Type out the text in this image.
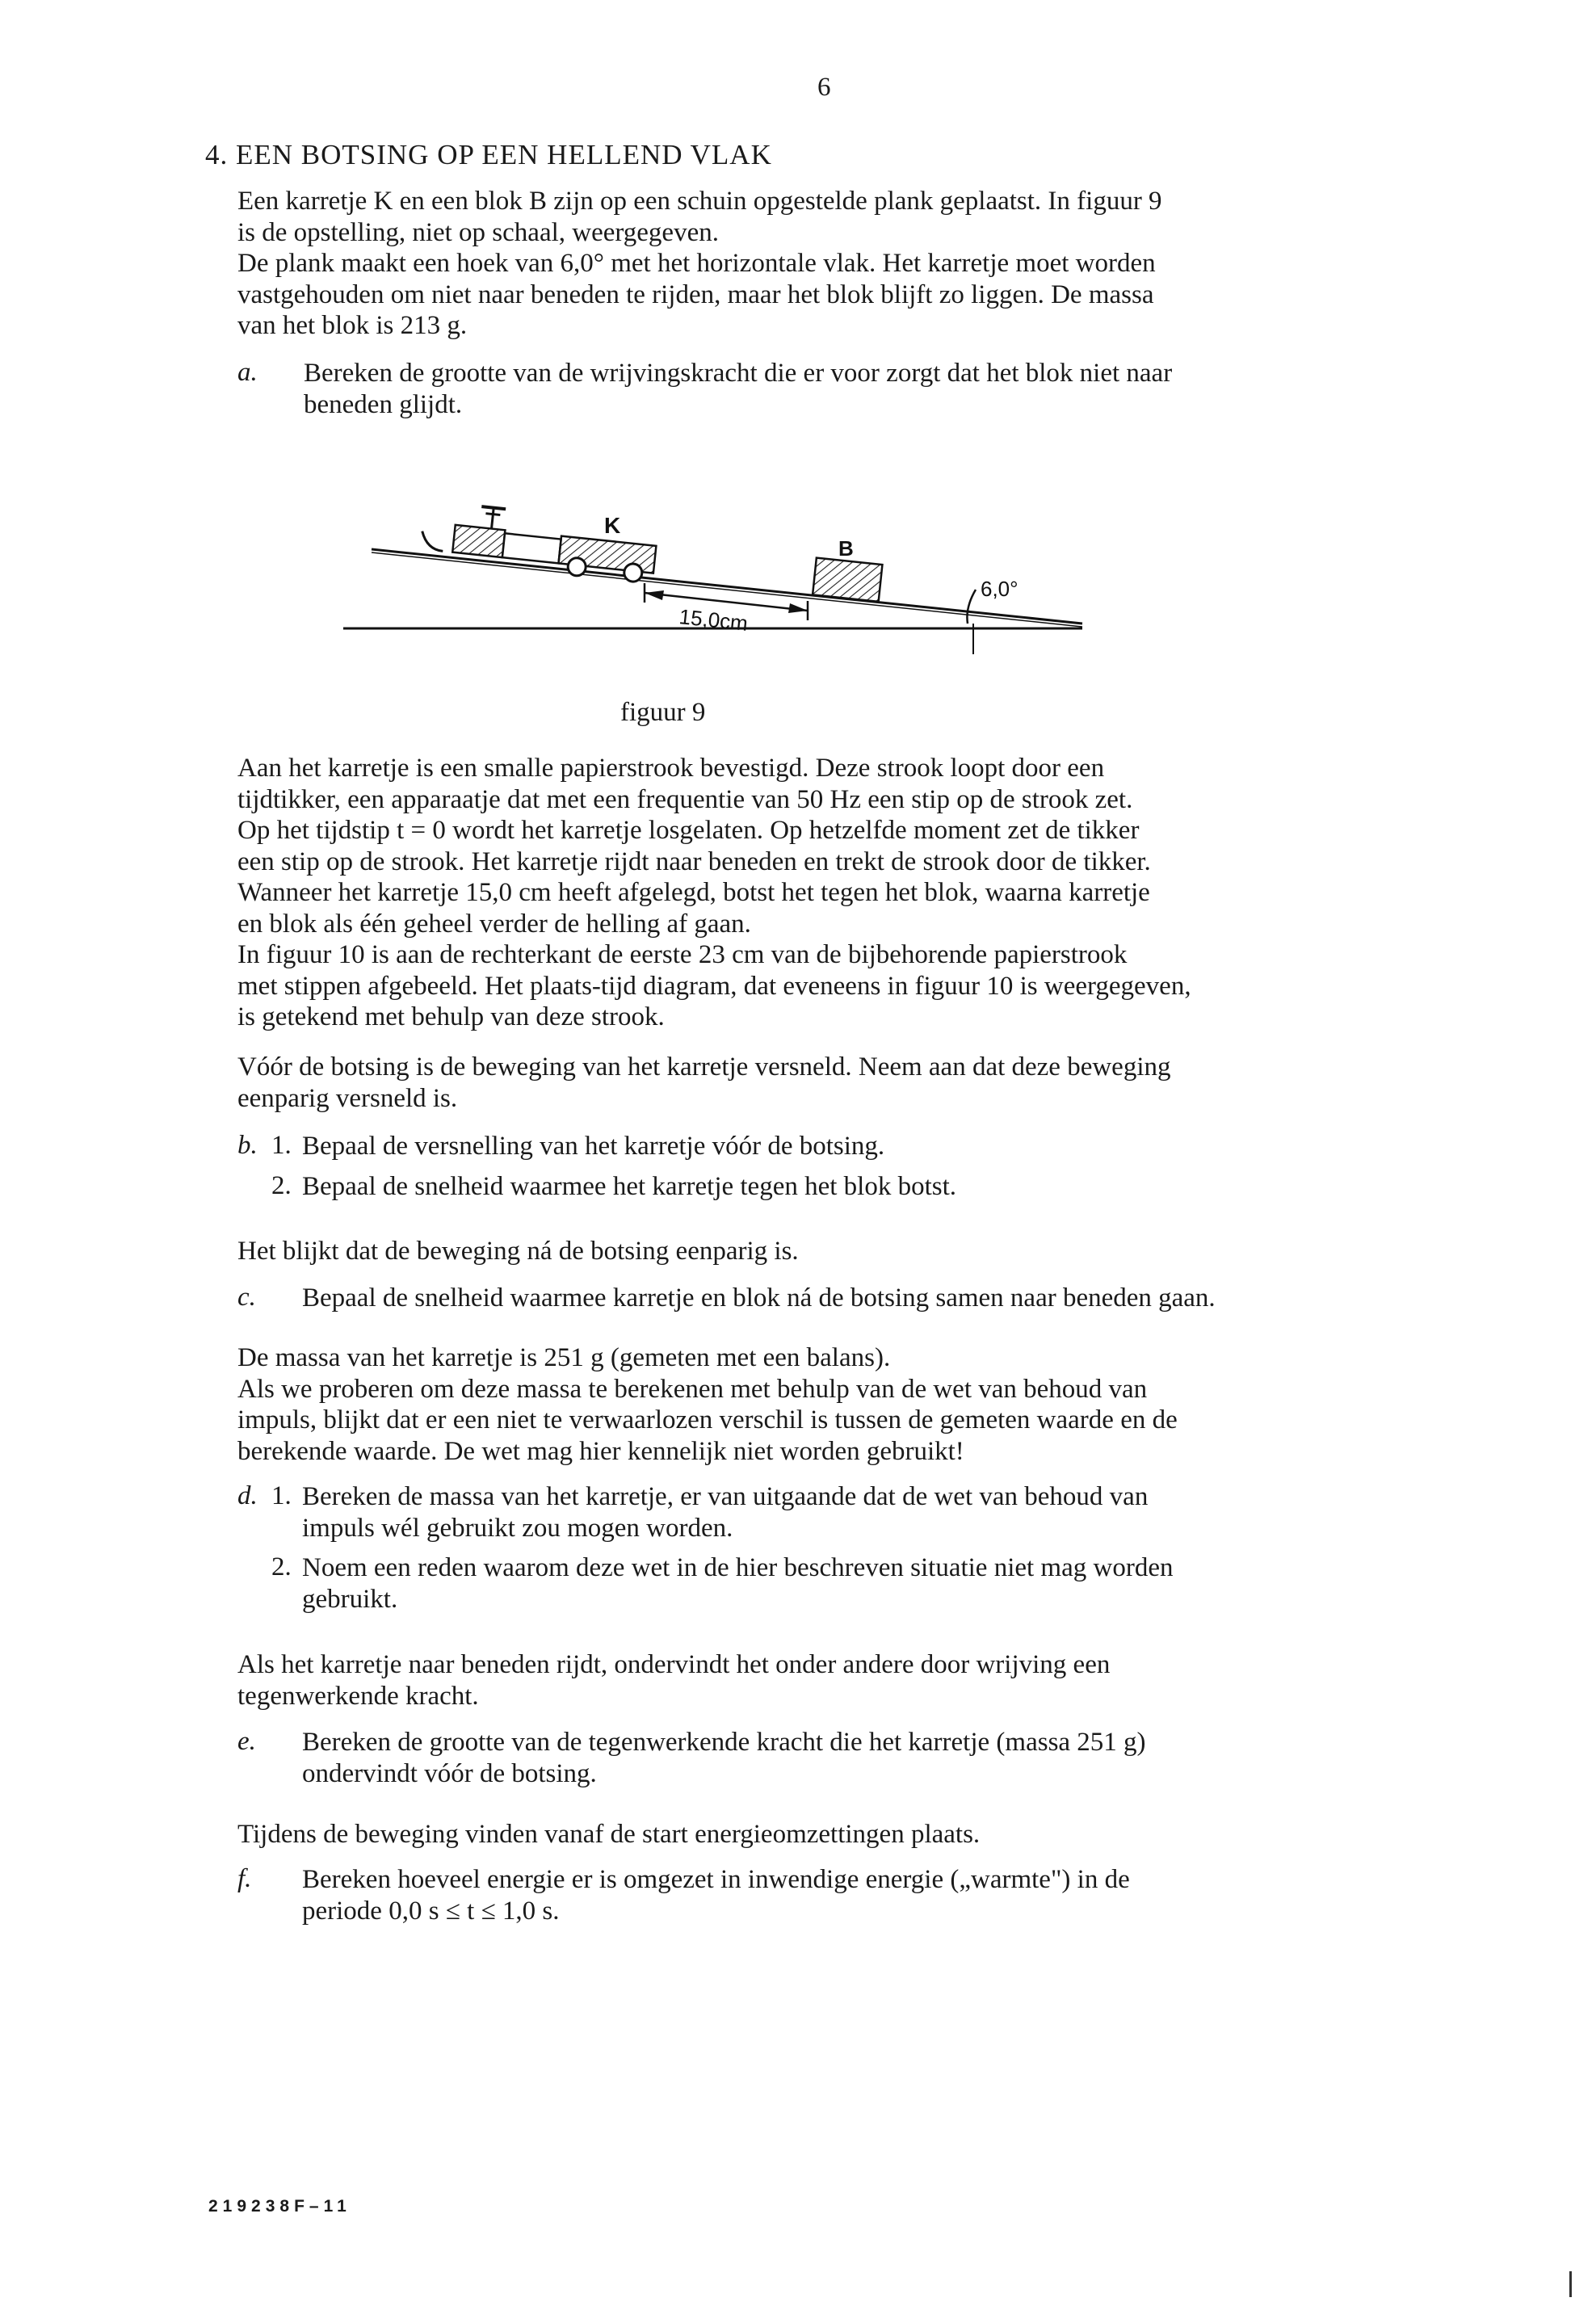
6
4. EEN BOTSING OP EEN HELLEND VLAK
Een karretje K en een blok B zijn op een schuin opgestelde plank geplaatst. In figuur 9
is de opstelling, niet op schaal, weergegeven.
De plank maakt een hoek van 6,0° met het horizontale vlak. Het karretje moet worden
vastgehouden om niet naar beneden te rijden, maar het blok blijft zo liggen. De massa
van het blok is 213 g.
a. Bereken de grootte van de wrijvingskracht die er voor zorgt dat het blok niet naar
beneden glijdt.
K
B
15,0cm
6,0°
figuur 9
Aan het karretje is een smalle papierstrook bevestigd. Deze strook loopt door een
tijdtikker, een apparaatje dat met een frequentie van 50 Hz een stip op de strook zet.
Op het tijdstip t = 0 wordt het karretje losgelaten. Op hetzelfde moment zet de tikker
een stip op de strook. Het karretje rijdt naar beneden en trekt de strook door de tikker.
Wanneer het karretje 15,0 cm heeft afgelegd, botst het tegen het blok, waarna karretje
en blok als één geheel verder de helling af gaan.
In figuur 10 is aan de rechterkant de eerste 23 cm van de bijbehorende papierstrook
met stippen afgebeeld. Het plaats-tijd diagram, dat eveneens in figuur 10 is weergegeven,
is getekend met behulp van deze strook.
Vóór de botsing is de beweging van het karretje versneld. Neem aan dat deze beweging
eenparig versneld is.
b. 1. Bepaal de versnelling van het karretje vóór de botsing.
2. Bepaal de snelheid waarmee het karretje tegen het blok botst.
Het blijkt dat de beweging ná de botsing eenparig is.
c. Bepaal de snelheid waarmee karretje en blok ná de botsing samen naar beneden gaan.
De massa van het karretje is 251 g (gemeten met een balans).
Als we proberen om deze massa te berekenen met behulp van de wet van behoud van
impuls, blijkt dat er een niet te verwaarlozen verschil is tussen de gemeten waarde en de
berekende waarde. De wet mag hier kennelijk niet worden gebruikt!
d. 1. Bereken de massa van het karretje, er van uitgaande dat de wet van behoud van
impuls wél gebruikt zou mogen worden.
2. Noem een reden waarom deze wet in de hier beschreven situatie niet mag worden
gebruikt.
Als het karretje naar beneden rijdt, ondervindt het onder andere door wrijving een
tegenwerkende kracht.
e. Bereken de grootte van de tegenwerkende kracht die het karretje (massa 251 g)
ondervindt vóór de botsing.
Tijdens de beweging vinden vanaf de start energieomzettingen plaats.
f. Bereken hoeveel energie er is omgezet in inwendige energie („warmte") in de
periode 0,0 s ≤ t ≤ 1,0 s.
219238F–11
